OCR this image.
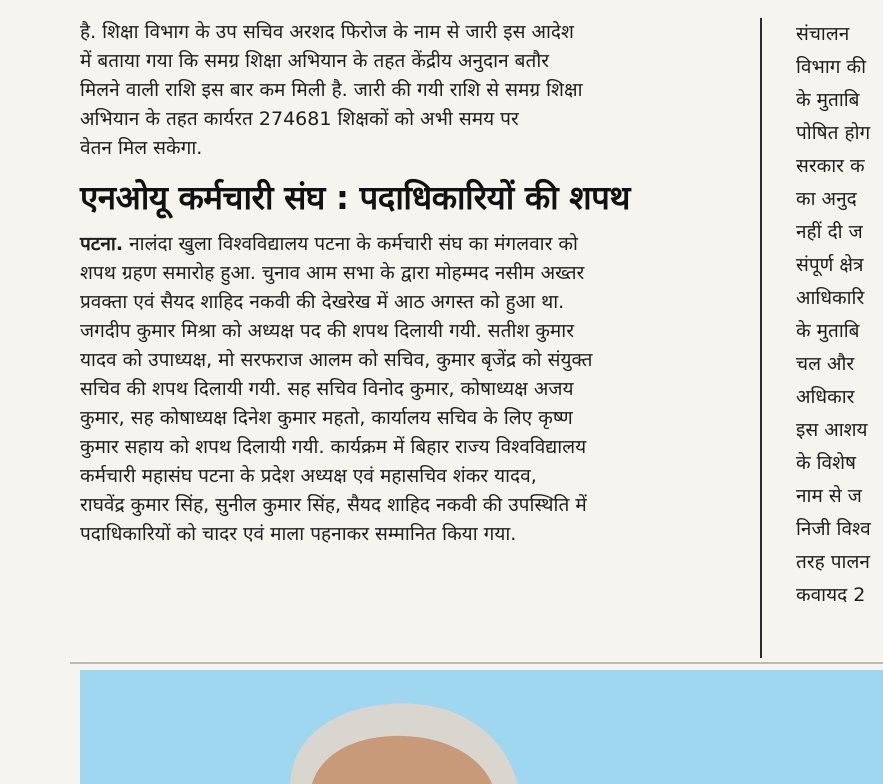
है. शिक्षा विभाग के उप सचिव अरशद फिरोज के नाम से जारी इस आदेश
में बताया गया कि समग्र शिक्षा अभियान के तहत केंद्रीय अनुदान बतौर
मिलने वाली राशि इस बार कम मिली है. जारी की गयी राशि से समग्र शिक्षा
अभियान के तहत कार्यरत 274681 शिक्षकों को अभी समय पर
वेतन मिल सकेगा.

एनओयू कर्मचारी संघ : पदाधिकारियों की शपथ

पटना. नालंदा खुला विश्वविद्यालय पटना के कर्मचारी संघ का मंगलवार को
शपथ ग्रहण समारोह हुआ. चुनाव आम सभा के द्वारा मोहम्मद नसीम अख्तर
प्रवक्ता एवं सैयद शाहिद नकवी की देखरेख में आठ अगस्त को हुआ था.
जगदीप कुमार मिश्रा को अध्यक्ष पद की शपथ दिलायी गयी. सतीश कुमार
यादव को उपाध्यक्ष, मो सरफराज आलम को सचिव, कुमार बृजेंद्र को संयुक्त
सचिव की शपथ दिलायी गयी. सह सचिव विनोद कुमार, कोषाध्यक्ष अजय
कुमार, सह कोषाध्यक्ष दिनेश कुमार महतो, कार्यालय सचिव के लिए कृष्ण
कुमार सहाय को शपथ दिलायी गयी. कार्यक्रम में बिहार राज्य विश्वविद्यालय
कर्मचारी महासंघ पटना के प्रदेश अध्यक्ष एवं महासचिव शंकर यादव,
राघवेंद्र कुमार सिंह, सुनील कुमार सिंह, सैयद शाहिद नकवी की उपस्थिति में
पदाधिकारियों को चादर एवं माला पहनाकर सम्मानित किया गया.

संचालन

विभाग की

के मुताबि

पोषित होग

सरकार क

का अनुद

नहीं दी ज

संपूर्ण क्षेत्र

आधिकारि

के मुताबि

चल और

अधिकार

इस आशय

के विशेष

नाम से ज

निजी विश्व

तरह पालन

कवायद 2
